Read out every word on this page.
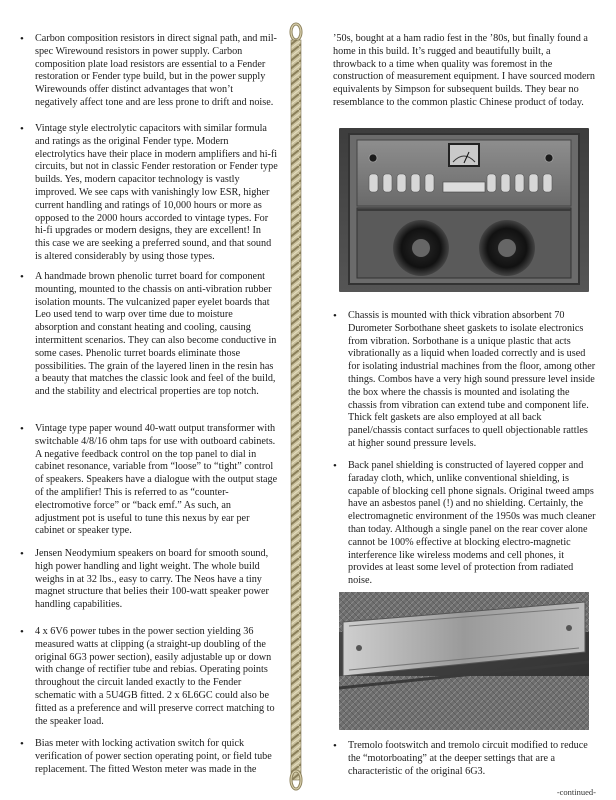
• Carbon composition resistors in direct signal path, and mil-spec Wirewound resistors in power supply. Carbon composition plate load resistors are essential to a Fender restoration or Fender type build, but in the power supply Wirewounds offer distinct advantages that won’t negatively affect tone and are less prone to drift and noise.

• Vintage style electrolytic capacitors with similar formula and ratings as the original Fender type. Modern electrolytics have their place in modern amplifiers and hi-fi circuits, but not in classic Fender restoration or Fender type builds. Yes, modern capacitor technology is vastly improved. We see caps with vanishingly low ESR, higher current handling and ratings of 10,000 hours or more as opposed to the 2000 hours accorded to vintage types. For hi-fi upgrades or modern designs, they are excellent! In this case we are seeking a preferred sound, and that sound is altered considerably by using those types.

• A handmade brown phenolic turret board for component mounting, mounted to the chassis on anti-vibration rubber isolation mounts. The vulcanized paper eyelet boards that Leo used tend to warp over time due to moisture absorption and constant heating and cooling, causing intermittent scenarios. They can also become conductive in some cases. Phenolic turret boards eliminate those possibilities. The grain of the layered linen in the resin has a beauty that matches the classic look and feel of the build, and the stability and electrical properties are top notch.

• Vintage type paper wound 40-watt output transformer with switchable 4/8/16 ohm taps for use with outboard cabinets. A negative feedback control on the top panel to dial in cabinet resonance, variable from “loose” to “tight” control of speakers. Speakers have a dialogue with the output stage of the amplifier! This is referred to as “counter-electromotive force” or “back emf.” As such, an adjustment pot is useful to tune this nexus by ear per cabinet or speaker type.

• Jensen Neodymium speakers on board for smooth sound, high power handling and light weight. The whole build weighs in at 32 lbs., easy to carry. The Neos have a tiny magnet structure that belies their 100-watt speaker power handling capabilities.

• 4 x 6V6 power tubes in the power section yielding 36 measured watts at clipping (a straight-up doubling of the original 6G3 power section), easily adjustable up or down with change of rectifier tube and rebias. Operating points throughout the circuit landed exactly to the Fender schematic with a 5U4GB fitted. 2 x 6L6GC could also be fitted as a preference and will preserve correct matching to the speaker load.

• Bias meter with locking activation switch for quick verification of power section operating point, or field tube replacement. The fitted Weston meter was made in the

’50s, bought at a ham radio fest in the ’80s, but finally found a home in this build. It’s rugged and beautifully built, a throwback to a time when quality was foremost in the construction of measurement equipment. I have sourced modern equivalents by Simpson for subsequent builds. They bear no resemblance to the common plastic Chinese product of today.

• Chassis is mounted with thick vibration absorbent 70 Durometer Sorbothane sheet gaskets to isolate electronics from vibration. Sorbothane is a unique plastic that acts vibrationally as a liquid when loaded correctly and is used for isolating industrial machines from the floor, among other things. Combos have a very high sound pressure level inside the box where the chassis is mounted and isolating the chassis from vibration can extend tube and component life. Thick felt gaskets are also employed at all back panel/chassis contact surfaces to quell objectionable rattles at higher sound pressure levels.

• Back panel shielding is constructed of layered copper and faraday cloth, which, unlike conventional shielding, is capable of blocking cell phone signals. Original tweed amps have an asbestos panel (!) and no shielding. Certainly, the electromagnetic environment of the 1950s was much cleaner than today. Although a single panel on the rear cover alone cannot be 100% effective at blocking electro-magnetic interference like wireless modems and cell phones, it provides at least some level of protection from radiated noise.

• Tremolo footswitch and tremolo circuit modified to reduce the “motorboating” at the deeper settings that are a characteristic of the original 6G3.

-continued-
